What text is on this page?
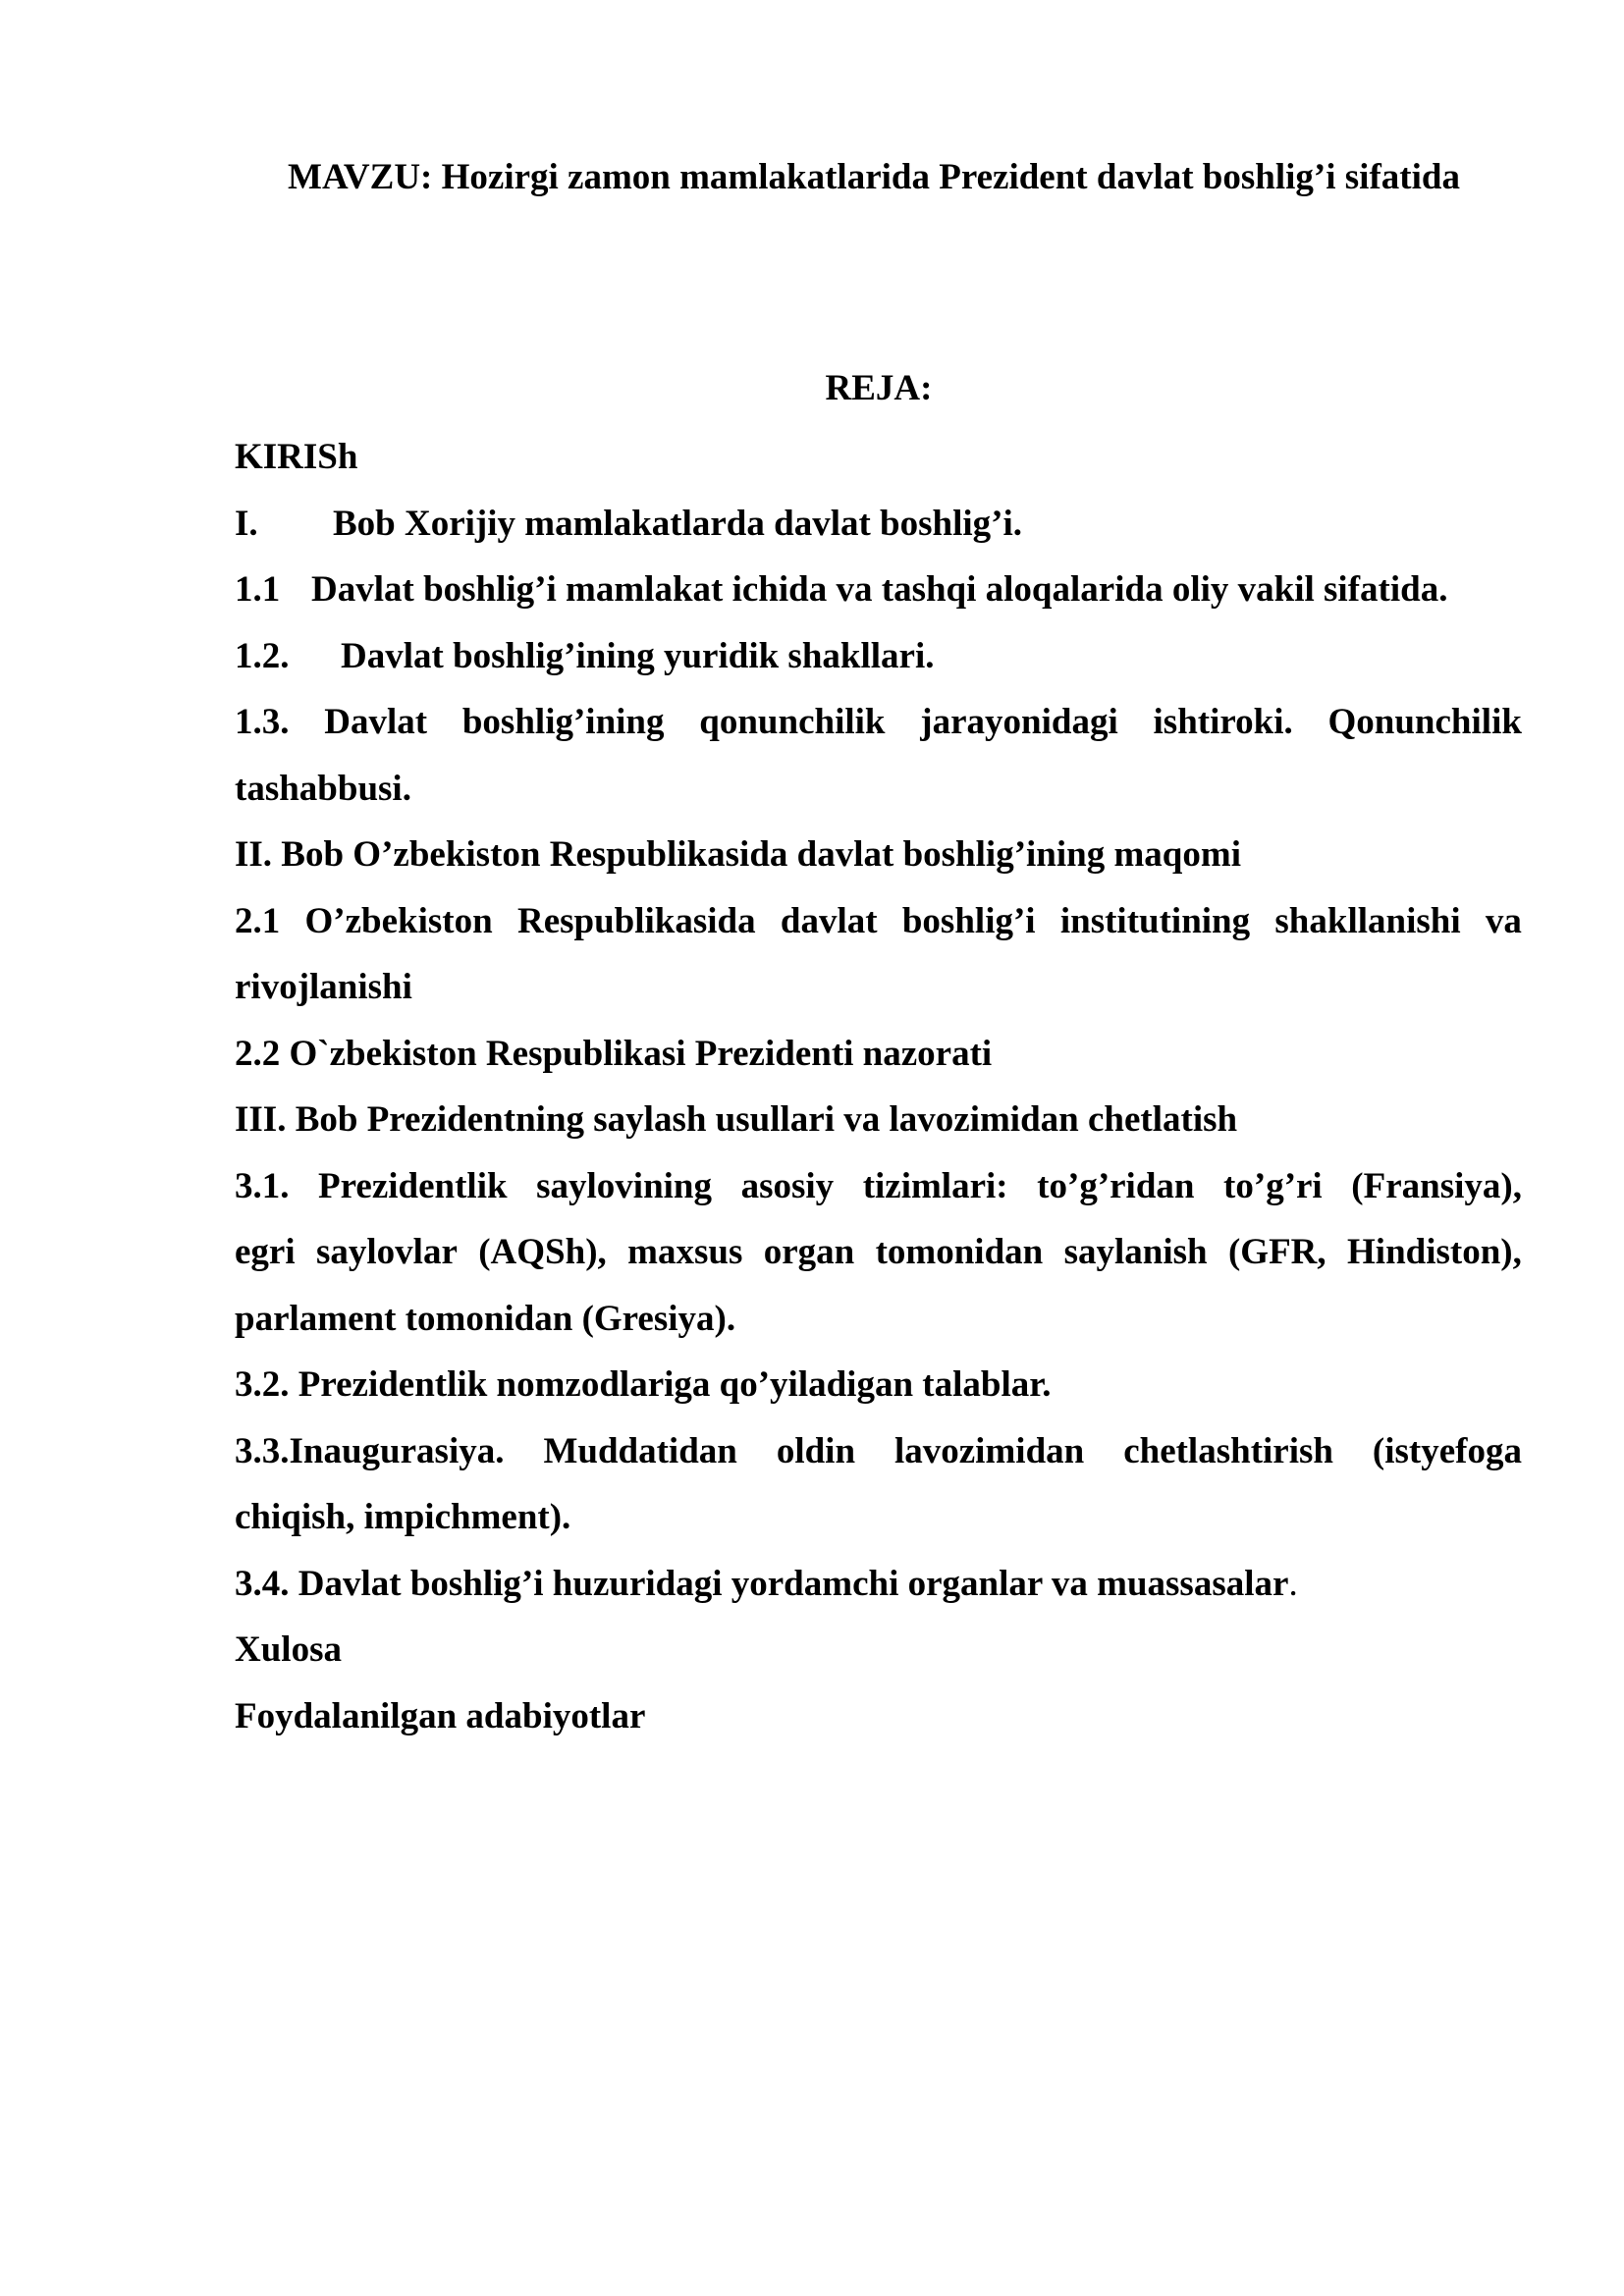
MAVZU: Hozirgi zamon mamlakatlarida Prezident davlat boshlig’i sifatida
REJA:
KIRISh
I. Bob Xorijiy mamlakatlarda davlat boshlig’i.
1.1 Davlat boshlig’i mamlakat ichida va tashqi aloqalarida oliy vakil sifatida.
1.2. Davlat boshlig’ining yuridik shakllari.
1.3. Davlat boshlig’ining qonunchilik jarayonidagi ishtiroki. Qonunchilik
tashabbusi.
II. Bob O’zbekiston Respublikasida davlat boshlig’ining maqomi
2.1 O’zbekiston Respublikasida davlat boshlig’i institutining shakllanishi va
rivojlanishi
2.2 O`zbekiston Respublikasi Prezidenti nazorati
III. Bob Prezidentning saylash usullari va lavozimidan chetlatish
3.1. Prezidentlik saylovining asosiy tizimlari: to’g’ridan to’g’ri (Fransiya),
egri saylovlar (AQSh), maxsus organ tomonidan saylanish (GFR, Hindiston),
parlament tomonidan (Gresiya).
3.2. Prezidentlik nomzodlariga qo’yiladigan talablar.
3.3.Inaugurasiya. Muddatidan oldin lavozimidan chetlashtirish (istyefoga
chiqish, impichment).
3.4. Davlat boshlig’i huzuridagi yordamchi organlar va muassasalar.
Xulosa
Foydalanilgan adabiyotlar
